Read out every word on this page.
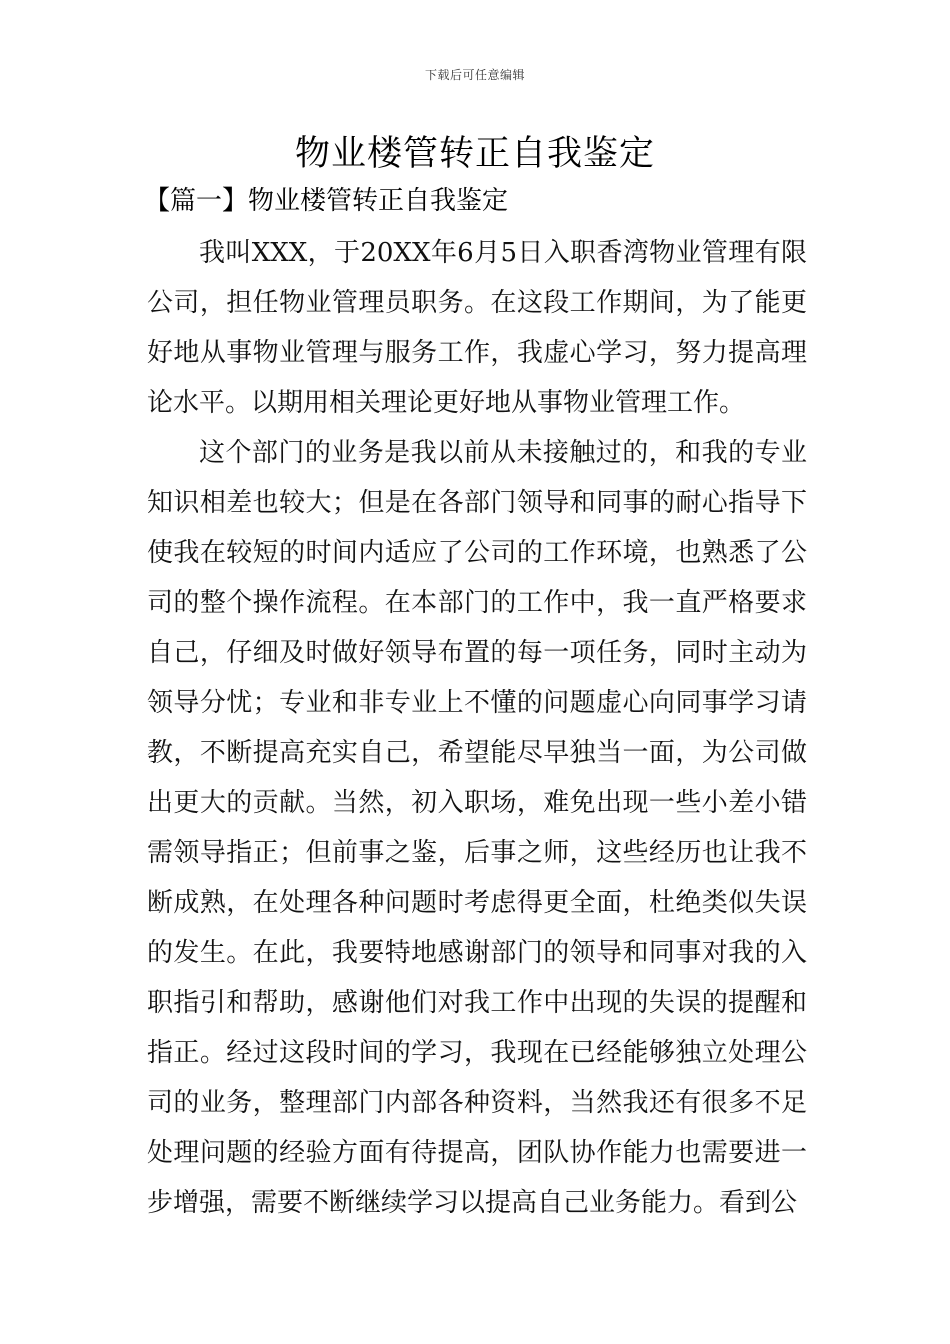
下载后可任意编辑
物业楼管转正自我鉴定
【篇一】物业楼管转正自我鉴定

我叫XXX，于20XX年6月5日入职香湾物业管理有限公司，担任物业管理员职务。在这段工作期间，为了能更好地从事物业管理与服务工作，我虚心学习，努力提高理论水平。以期用相关理论更好地从事物业管理工作。

这个部门的业务是我以前从未接触过的，和我的专业知识相差也较大；但是在各部门领导和同事的耐心指导下使我在较短的时间内适应了公司的工作环境，也熟悉了公司的整个操作流程。在本部门的工作中，我一直严格要求自己，仔细及时做好领导布置的每一项任务，同时主动为领导分忧；专业和非专业上不懂的问题虚心向同事学习请教，不断提高充实自己，希望能尽早独当一面，为公司做出更大的贡献。当然，初入职场，难免出现一些小差小错需领导指正；但前事之鉴，后事之师，这些经历也让我不断成熟，在处理各种问题时考虑得更全面，杜绝类似失误的发生。在此，我要特地感谢部门的领导和同事对我的入职指引和帮助，感谢他们对我工作中出现的失误的提醒和指正。经过这段时间的学习，我现在已经能够独立处理公司的业务，整理部门内部各种资料，当然我还有很多不足处理问题的经验方面有待提高，团队协作能力也需要进一步增强，需要不断继续学习以提高自己业务能力。看到公
